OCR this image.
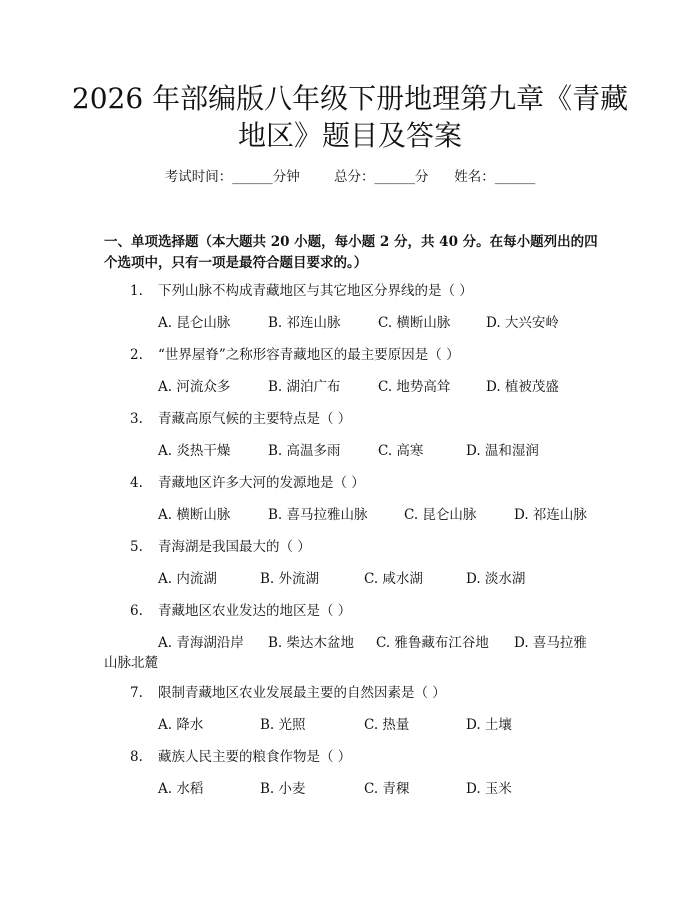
2026 年部编版八年级下册地理第九章《青藏
地区》题目及答案
考试时间：______分钟	总分：______分 姓名：______
一、单项选择题（本大题共 20 小题，每小题 2 分，共 40 分。在每小题列出的四
个选项中，只有一项是最符合题目要求的。）
1. 下列山脉不构成青藏地区与其它地区分界线的是（ ）
A. 昆仑山脉	B. 祁连山脉	C. 横断山脉	D. 大兴安岭
2. “世界屋脊”之称形容青藏地区的最主要原因是（ ）
A. 河流众多	B. 湖泊广布	C. 地势高耸	D. 植被茂盛
3. 青藏高原气候的主要特点是（ ）
A. 炎热干燥	B. 高温多雨	C. 高寒	D. 温和湿润
4. 青藏地区许多大河的发源地是（ ）
A. 横断山脉	B. 喜马拉雅山脉	C. 昆仑山脉	D. 祁连山脉
5. 青海湖是我国最大的（ ）
A. 内流湖	B. 外流湖	C. 咸水湖	D. 淡水湖
6. 青藏地区农业发达的地区是（ ）
A. 青海湖沿岸 B. 柴达木盆地 C. 雅鲁藏布江谷地 D. 喜马拉雅
山脉北麓
7. 限制青藏地区农业发展最主要的自然因素是（ ）
A. 降水	B. 光照	C. 热量	D. 土壤
8. 藏族人民主要的粮食作物是（ ）
A. 水稻	B. 小麦	C. 青稞	D. 玉米
